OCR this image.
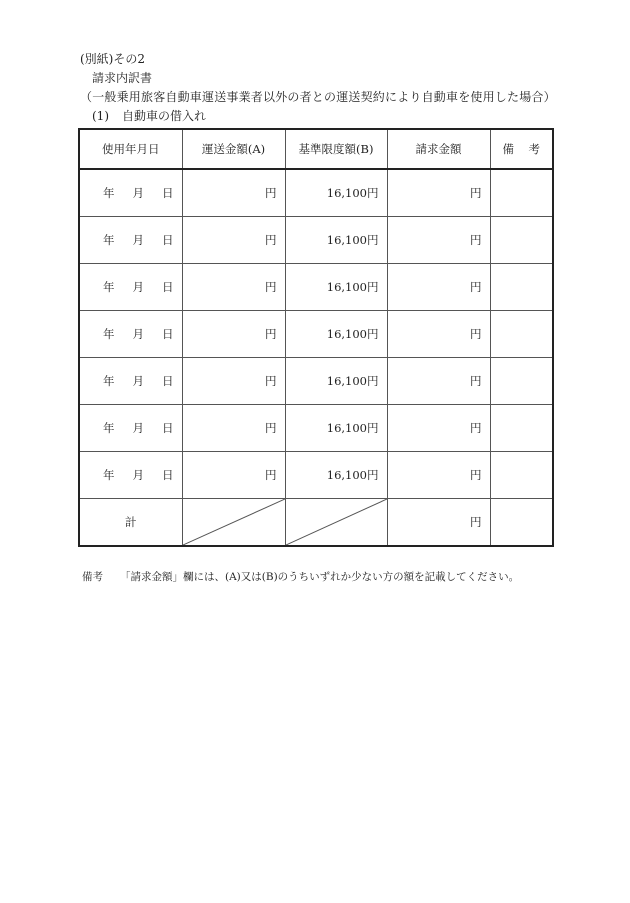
(別紙)その2
請求内訳書
（一般乗用旅客自動車運送事業者以外の者との運送契約により自動車を使用した場合）
(1) 自動車の借入れ
使用年月日	運送金額(A)	基準限度額(B)	請求金額	備 考

年 月 日	円	16,100円	円	
年 月 日	円	16,100円	円	
年 月 日	円	16,100円	円	
年 月 日	円	16,100円	円	
年 月 日	円	16,100円	円	
年 月 日	円	16,100円	円	
年 月 日	円	16,100円	円	
計			円	
備考 「請求金額」欄には、(A)又は(B)のうちいずれか少ない方の額を記載してください。
